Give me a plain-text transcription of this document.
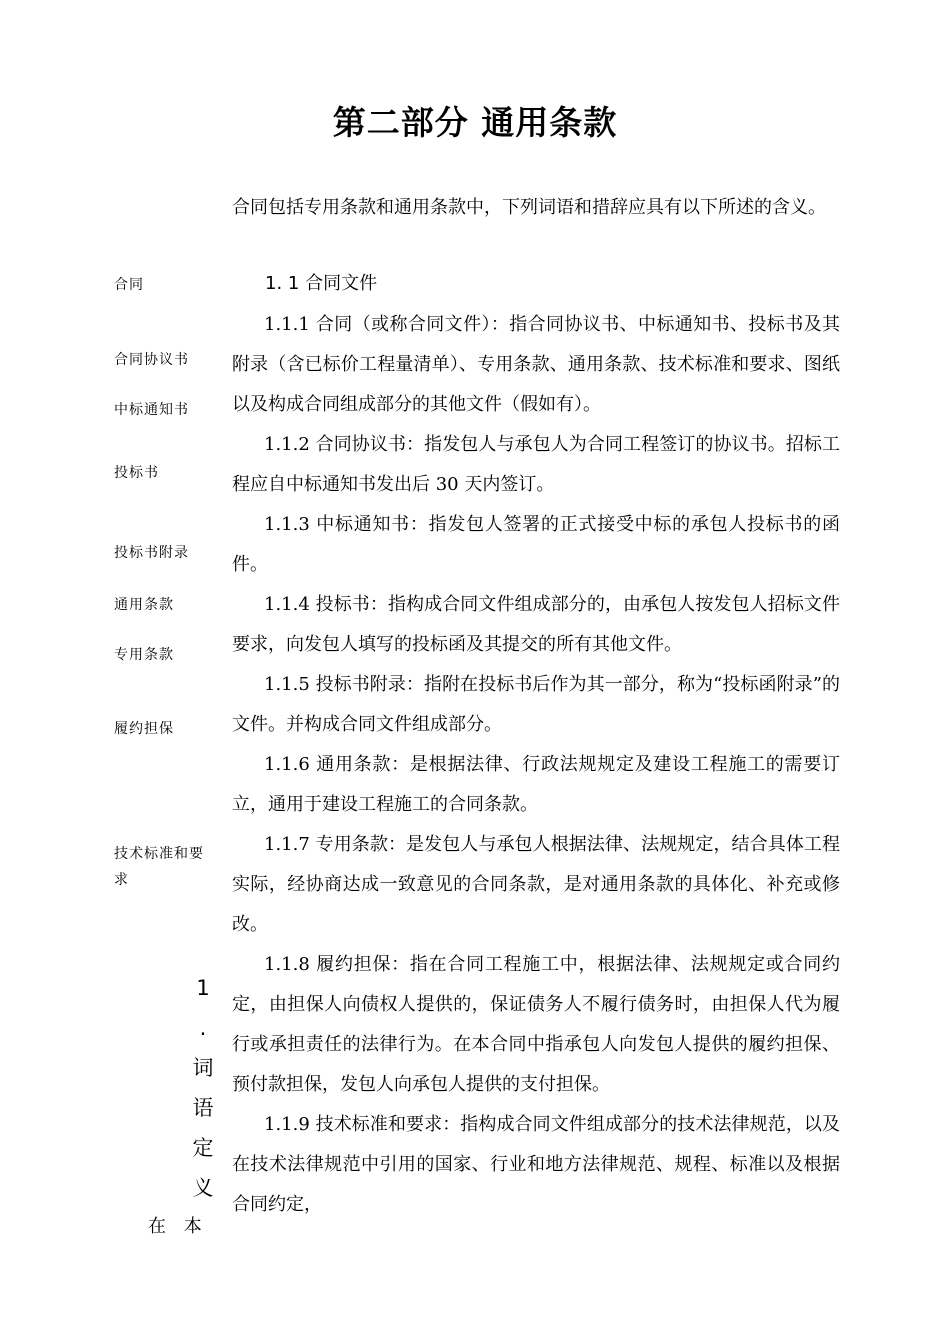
第二部分 通用条款
合同包括专用条款和通用条款中，下列词语和措辞应具有以下所述的含义。
1. 1 合同文件

1.1.1 合同（或称合同文件）：指合同协议书、中标通知书、投标书及其附录（含已标价工程量清单）、专用条款、通用条款、技术标准和要求、图纸以及构成合同组成部分的其他文件（假如有）。

1.1.2 合同协议书：指发包人与承包人为合同工程签订的协议书。招标工程应自中标通知书发出后 30 天内签订。

1.1.3 中标通知书：指发包人签署的正式接受中标的承包人投标书的函件。

1.1.4 投标书：指构成合同文件组成部分的，由承包人按发包人招标文件要求，向发包人填写的投标函及其提交的所有其他文件。

1.1.5 投标书附录：指附在投标书后作为其一部分，称为“投标函附录”的文件。并构成合同文件组成部分。

1.1.6 通用条款：是根据法律、行政法规规定及建设工程施工的需要订立，通用于建设工程施工的合同条款。

1.1.7 专用条款：是发包人与承包人根据法律、法规规定，结合具体工程实际，经协商达成一致意见的合同条款，是对通用条款的具体化、补充或修改。

1.1.8 履约担保：指在合同工程施工中，根据法律、法规规定或合同约定，由担保人向债权人提供的，保证债务人不履行债务时，由担保人代为履行或承担责任的法律行为。在本合同中指承包人向发包人提供的履约担保、预付款担保，发包人向承包人提供的支付担保。

1.1.9 技术标准和要求：指构成合同文件组成部分的技术法律规范，以及在技术法律规范中引用的国家、行业和地方法律规范、规程、标准以及根据合同约定，

合同
合同协议书
中标通知书
投标书
投标书附录
通用条款
专用条款
履约担保
技术标准和要求
1
.
词
语
定
义
在 本
